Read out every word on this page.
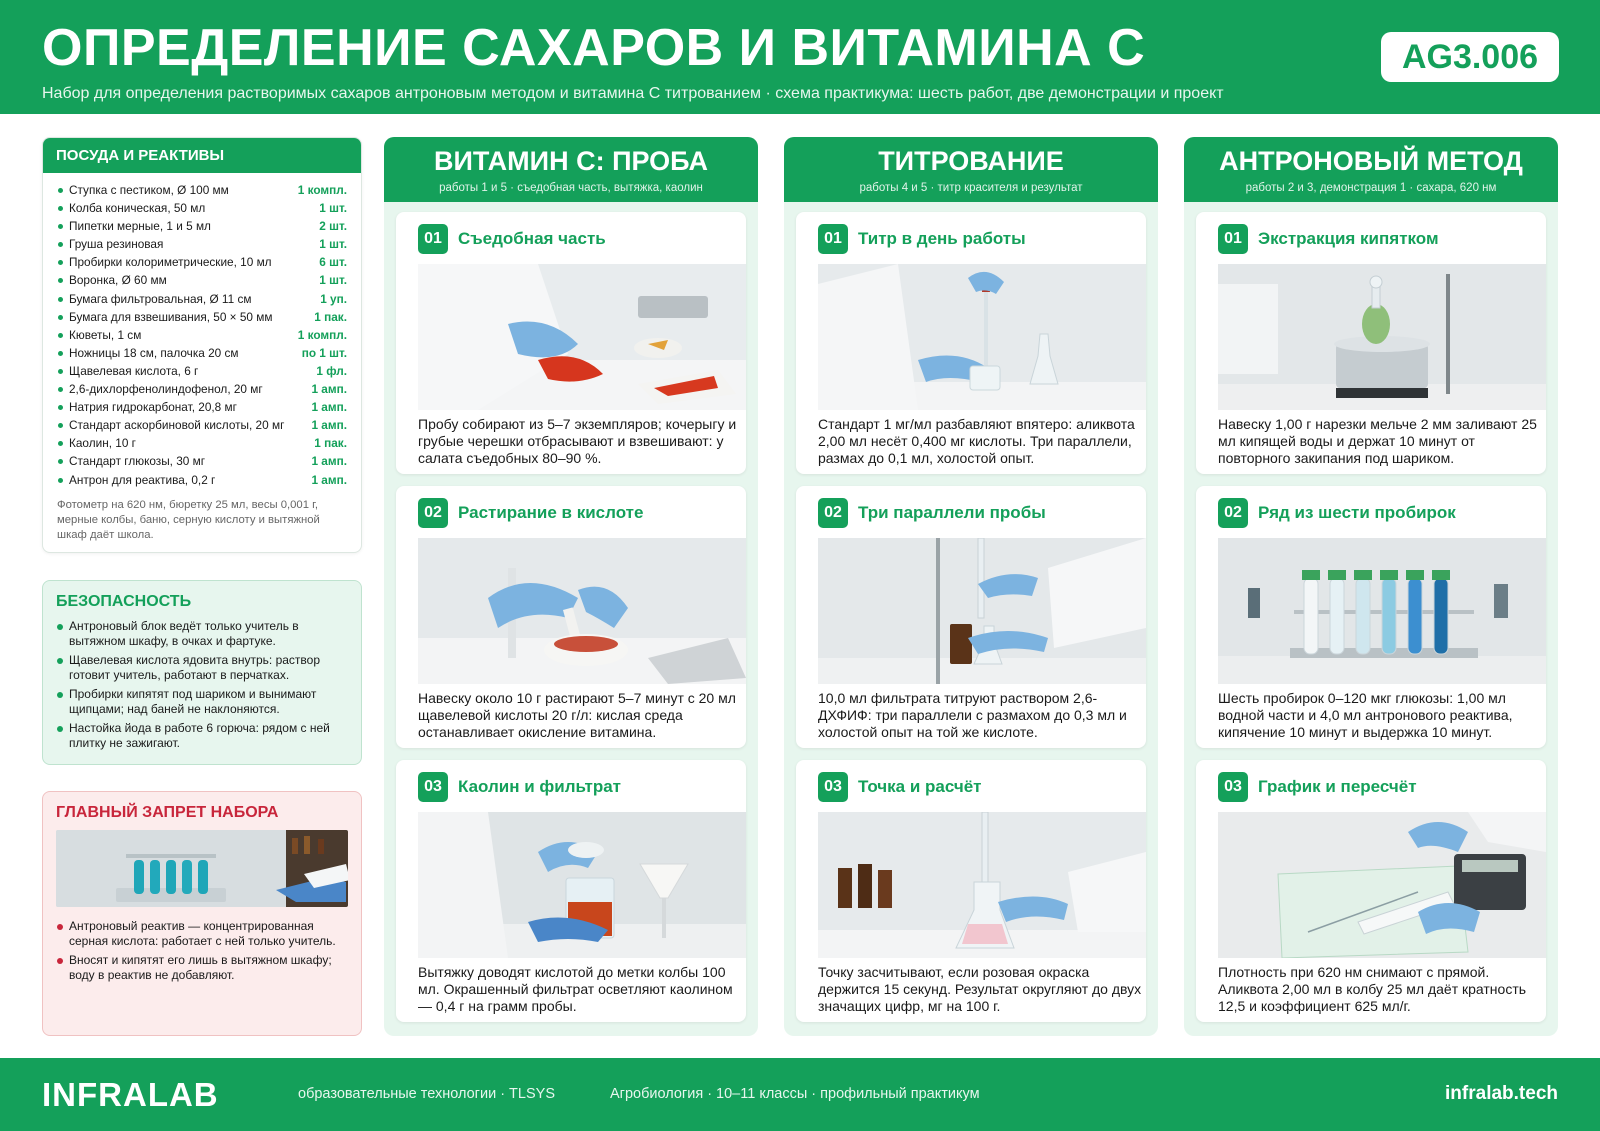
ОПРЕДЕЛЕНИЕ САХАРОВ И ВИТАМИНА С
Набор для определения растворимых сахаров антроновым методом и витамина С титрованием · схема практикума: шесть работ, две демонстрации и проект
AG3.006
ПОСУДА И РЕАКТИВЫ
Ступка с пестиком, Ø 100 мм	1 компл.
Колба коническая, 50 мл	1 шт.
Пипетки мерные, 1 и 5 мл	2 шт.
Груша резиновая	1 шт.
Пробирки колориметрические, 10 мл	6 шт.
Воронка, Ø 60 мм	1 шт.
Бумага фильтровальная, Ø 11 см	1 уп.
Бумага для взвешивания, 50 × 50 мм	1 пак.
Кюветы, 1 см	1 компл.
Ножницы 18 см, палочка 20 см	по 1 шт.
Щавелевая кислота, 6 г	1 фл.
2,6-дихлорфенолиндофенол, 20 мг	1 амп.
Натрия гидрокарбонат, 20,8 мг	1 амп.
Стандарт аскорбиновой кислоты, 20 мг 1 амп.
Каолин, 10 г	1 пак.
Стандарт глюкозы, 30 мг	1 амп.
Антрон для реактива, 0,2 г	1 амп.
Фотометр на 620 нм, бюретку 25 мл, весы 0,001 г, мерные колбы, баню, серную кислоту и вытяжной шкаф даёт школа.
БЕЗОПАСНОСТЬ
Антроновый блок ведёт только учитель в вытяжном шкафу, в очках и фартуке.
Щавелевая кислота ядовита внутрь: раствор готовит учитель, работают в перчатках.
Пробирки кипятят под шариком и вынимают щипцами; над баней не наклоняются.
Настойка йода в работе 6 горюча: рядом с ней плитку не зажигают.
ГЛАВНЫЙ ЗАПРЕТ НАБОРА
Антроновый реактив — концентрированная серная кислота: работает с ней только учитель.
Вносят и кипятят его лишь в вытяжном шкафу; воду в реактив не добавляют.
ВИТАМИН С: ПРОБА
работы 1 и 5 · съедобная часть, вытяжка, каолин
01 Съедобная часть
Пробу собирают из 5–7 экземпляров; кочерыгу и грубые черешки отбрасывают и взвешивают: у салата съедобных 80–90 %.
02 Растирание в кислоте
Навеску около 10 г растирают 5–7 минут с 20 мл щавелевой кислоты 20 г/л: кислая среда останавливает окисление витамина.
03 Каолин и фильтрат
Вытяжку доводят кислотой до метки колбы 100 мл. Окрашенный фильтрат осветляют каолином — 0,4 г на грамм пробы.
ТИТРОВАНИЕ
работы 4 и 5 · титр красителя и результат
01 Титр в день работы
Стандарт 1 мг/мл разбавляют впятеро: аликвота 2,00 мл несёт 0,400 мг кислоты. Три параллели, размах до 0,1 мл, холостой опыт.
02 Три параллели пробы
10,0 мл фильтрата титруют раствором 2,6-ДХФИФ: три параллели с размахом до 0,3 мл и холостой опыт на той же кислоте.
03 Точка и расчёт
Точку засчитывают, если розовая окраска держится 15 секунд. Результат округляют до двух значащих цифр, мг на 100 г.
АНТРОНОВЫЙ МЕТОД
работы 2 и 3, демонстрация 1 · сахара, 620 нм
01 Экстракция кипятком
Навеску 1,00 г нарезки мельче 2 мм заливают 25 мл кипящей воды и держат 10 минут от повторного закипания под шариком.
02 Ряд из шести пробирок
Шесть пробирок 0–120 мкг глюкозы: 1,00 мл водной части и 4,0 мл антронового реактива, кипячение 10 минут и выдержка 10 минут.
03 График и пересчёт
Плотность при 620 нм снимают с прямой. Аликвота 2,00 мл в колбу 25 мл даёт кратность 12,5 и коэффициент 625 мл/г.
INFRALAB	образовательные технологии · TLSYS	Агробиология · 10–11 классы · профильный практикум	infralab.tech
